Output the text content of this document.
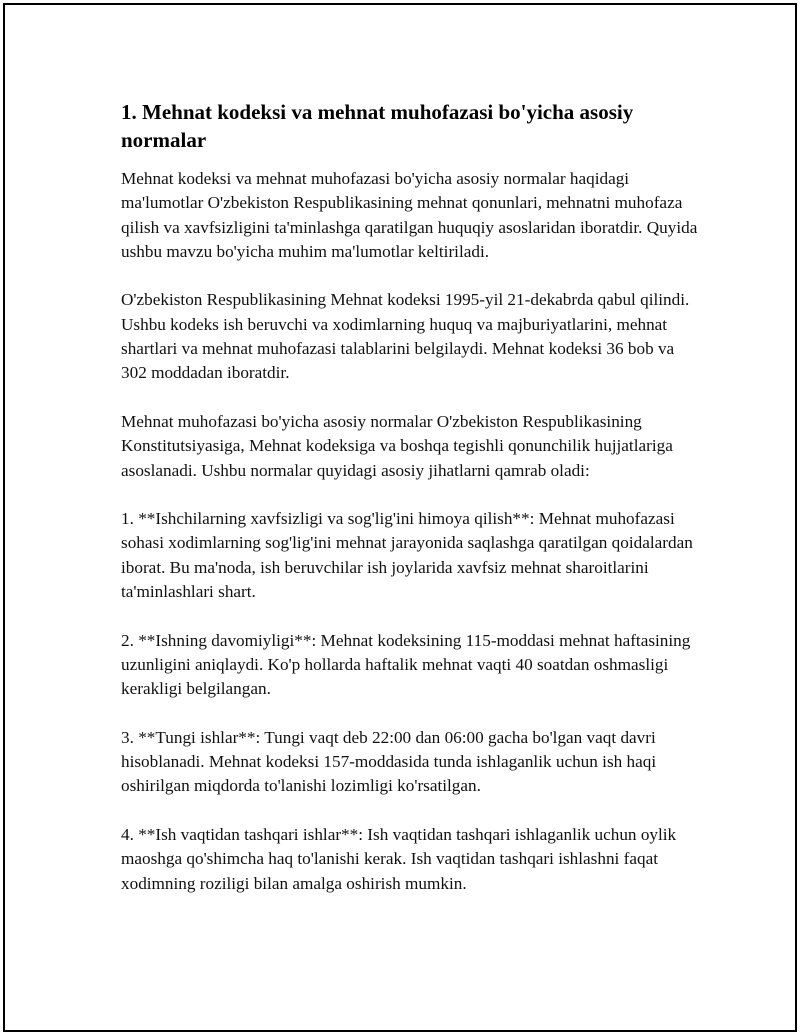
1. Mehnat kodeksi va mehnat muhofazasi bo'yicha asosiy normalar

Mehnat kodeksi va mehnat muhofazasi bo'yicha asosiy normalar haqidagi ma'lumotlar O'zbekiston Respublikasining mehnat qonunlari, mehnatni muhofaza qilish va xavfsizligini ta'minlashga qaratilgan huquqiy asoslaridan iboratdir. Quyida ushbu mavzu bo'yicha muhim ma'lumotlar keltiriladi.

O'zbekiston Respublikasining Mehnat kodeksi 1995-yil 21-dekabrda qabul qilindi. Ushbu kodeks ish beruvchi va xodimlarning huquq va majburiyatlarini, mehnat shartlari va mehnat muhofazasi talablarini belgilaydi. Mehnat kodeksi 36 bob va 302 moddadan iboratdir.

Mehnat muhofazasi bo'yicha asosiy normalar O'zbekiston Respublikasining Konstitutsiyasiga, Mehnat kodeksiga va boshqa tegishli qonunchilik hujjatlariga asoslanadi. Ushbu normalar quyidagi asosiy jihatlarni qamrab oladi:

1. **Ishchilarning xavfsizligi va sog'lig'ini himoya qilish**: Mehnat muhofazasi sohasi xodimlarning sog'lig'ini mehnat jarayonida saqlashga qaratilgan qoidalardan iborat. Bu ma'noda, ish beruvchilar ish joylarida xavfsiz mehnat sharoitlarini ta'minlashlari shart.

2. **Ishning davomiyligi**: Mehnat kodeksining 115-moddasi mehnat haftasining uzunligini aniqlaydi. Ko'p hollarda haftalik mehnat vaqti 40 soatdan oshmasligi kerakligi belgilangan.

3. **Tungi ishlar**: Tungi vaqt deb 22:00 dan 06:00 gacha bo'lgan vaqt davri hisoblanadi. Mehnat kodeksi 157-moddasida tunda ishlaganlik uchun ish haqi oshirilgan miqdorda to'lanishi lozimligi ko'rsatilgan.

4. **Ish vaqtidan tashqari ishlar**: Ish vaqtidan tashqari ishlaganlik uchun oylik maoshga qo'shimcha haq to'lanishi kerak. Ish vaqtidan tashqari ishlashni faqat xodimning roziligi bilan amalga oshirish mumkin.
